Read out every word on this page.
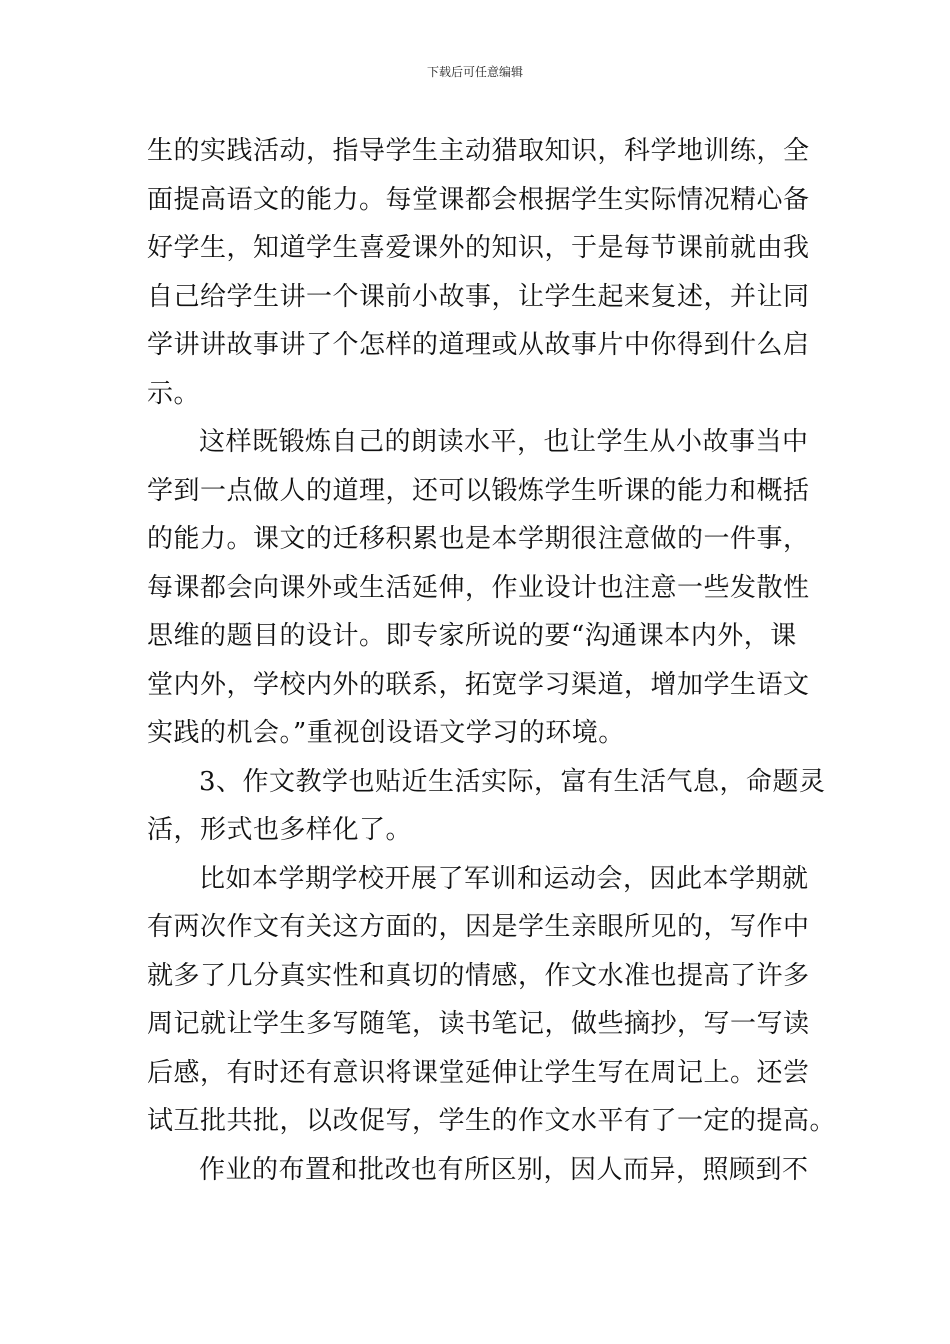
下载后可任意编辑
生的实践活动，指导学生主动猎取知识，科学地训练，全
面提高语文的能力。每堂课都会根据学生实际情况精心备
好学生，知道学生喜爱课外的知识，于是每节课前就由我
自己给学生讲一个课前小故事，让学生起来复述，并让同
学讲讲故事讲了个怎样的道理或从故事片中你得到什么启
示。
这样既锻炼自己的朗读水平，也让学生从小故事当中
学到一点做人的道理，还可以锻炼学生听课的能力和概括
的能力。课文的迁移积累也是本学期很注意做的一件事，
每课都会向课外或生活延伸，作业设计也注意一些发散性
思维的题目的设计。即专家所说的要“沟通课本内外，课
堂内外，学校内外的联系，拓宽学习渠道，增加学生语文
实践的机会。”重视创设语文学习的环境。
3、作文教学也贴近生活实际，富有生活气息，命题灵
活，形式也多样化了。
比如本学期学校开展了军训和运动会，因此本学期就
有两次作文有关这方面的，因是学生亲眼所见的，写作中
就多了几分真实性和真切的情感，作文水准也提高了许多
周记就让学生多写随笔，读书笔记，做些摘抄，写一写读
后感，有时还有意识将课堂延伸让学生写在周记上。还尝
试互批共批，以改促写，学生的作文水平有了一定的提高。
作业的布置和批改也有所区别，因人而异，照顾到不
